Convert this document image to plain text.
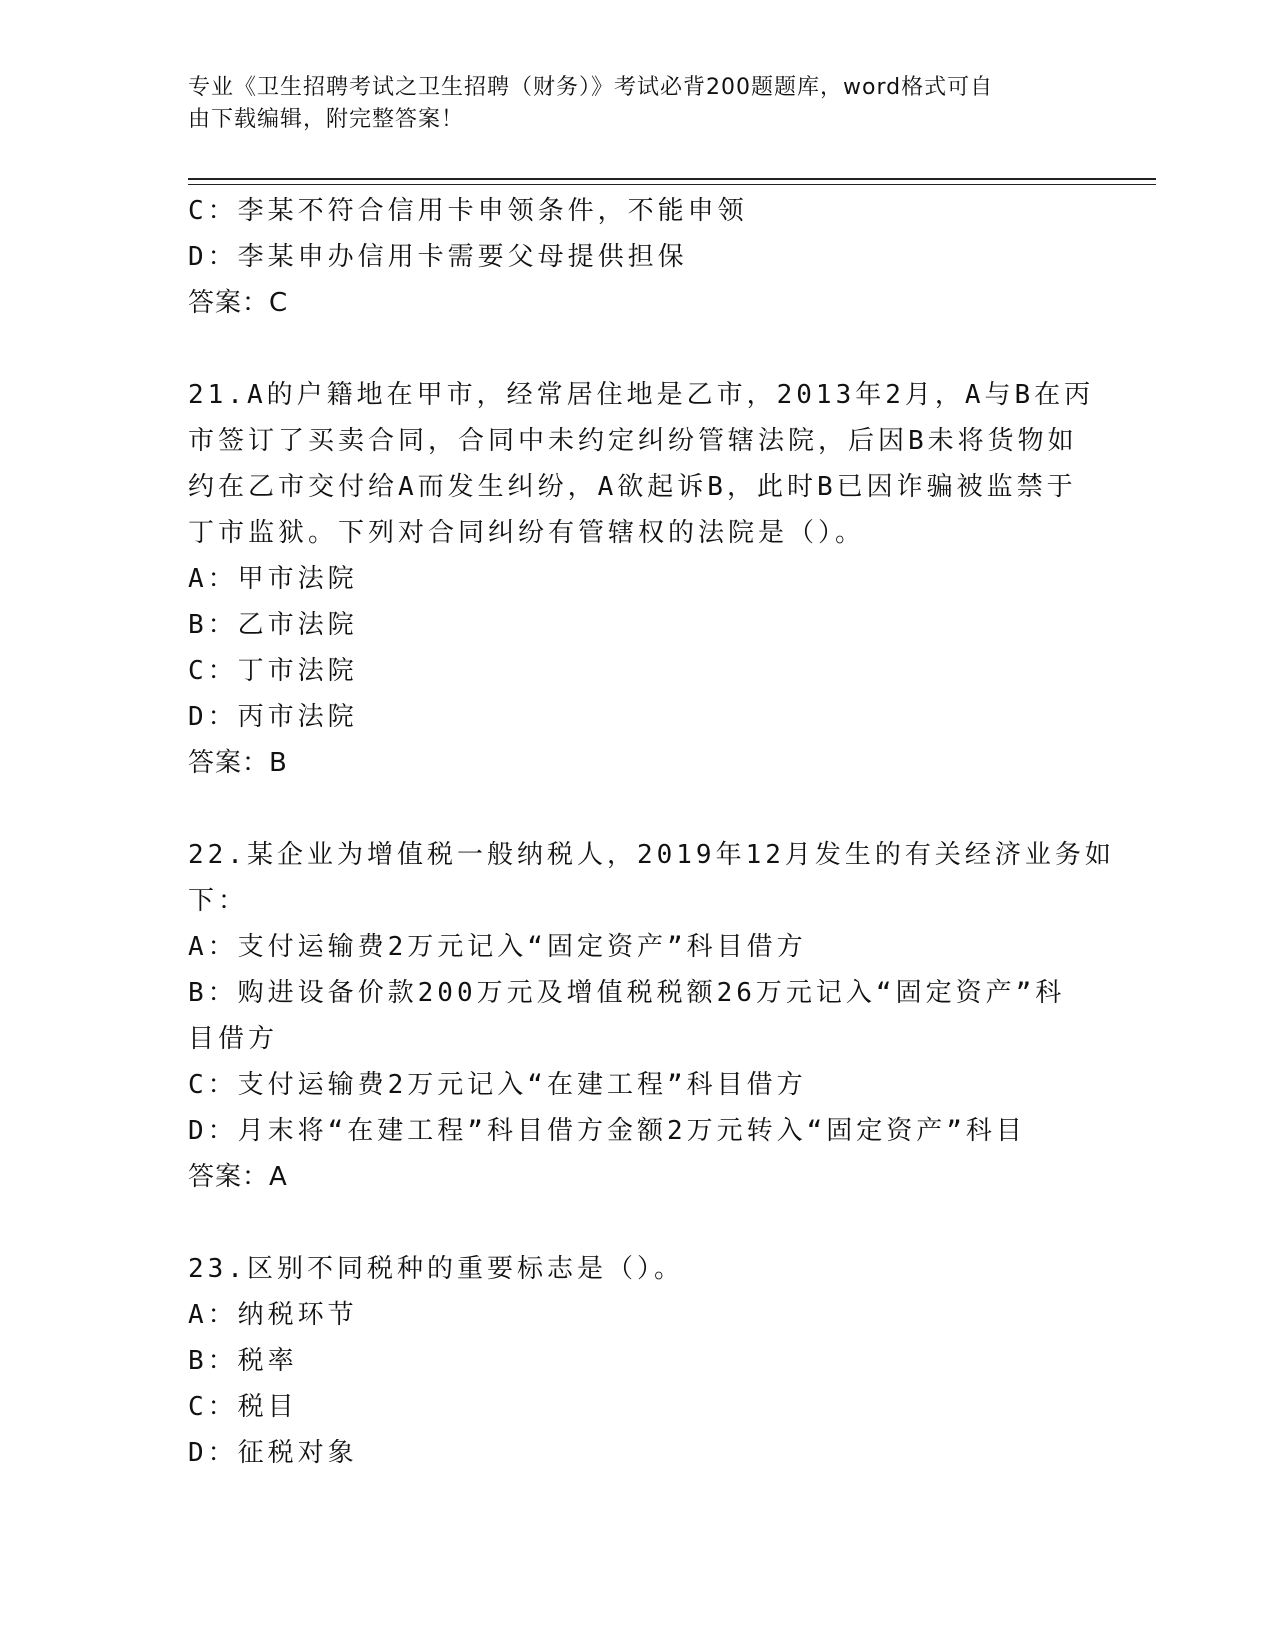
专业《卫生招聘考试之卫生招聘（财务）》考试必背200题题库，word格式可自
由下载编辑，附完整答案！
C：李某不符合信用卡申领条件，不能申领
D：李某申办信用卡需要父母提供担保
答案：C
21.A的户籍地在甲市，经常居住地是乙市，2013年2月，A与B在丙
市签订了买卖合同，合同中未约定纠纷管辖法院，后因B未将货物如
约在乙市交付给A而发生纠纷，A欲起诉B，此时B已因诈骗被监禁于
丁市监狱。下列对合同纠纷有管辖权的法院是（）。
A：甲市法院
B：乙市法院
C：丁市法院
D：丙市法院
答案：B
22.某企业为增值税一般纳税人，2019年12月发生的有关经济业务如
下：
A：支付运输费2万元记入“固定资产”科目借方
B：购进设备价款200万元及增值税税额26万元记入“固定资产”科
目借方
C：支付运输费2万元记入“在建工程”科目借方
D：月末将“在建工程”科目借方金额2万元转入“固定资产”科目
答案：A
23.区别不同税种的重要标志是（）。
A：纳税环节
B：税率
C：税目
D：征税对象
